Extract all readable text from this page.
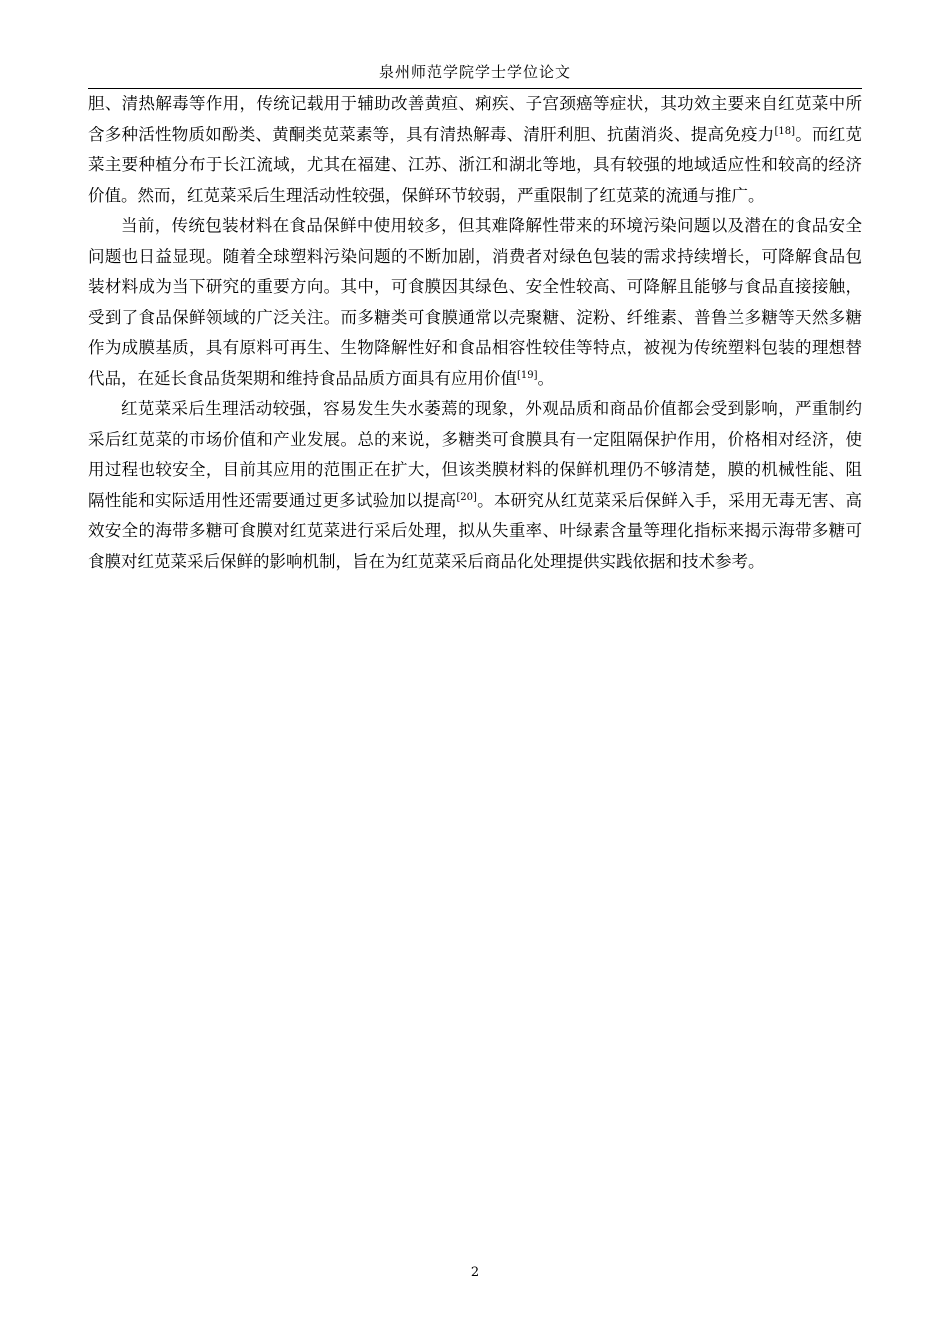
泉州师范学院学士学位论文

胆、清热解毒等作用，传统记载用于辅助改善黄疸、痢疾、子宫颈癌等症状，其功效主要来自红苋菜中所含多种活性物质如酚类、黄酮类苋菜素等，具有清热解毒、清肝利胆、抗菌消炎、提高免疫力[18]。而红苋菜主要种植分布于长江流域，尤其在福建、江苏、浙江和湖北等地，具有较强的地域适应性和较高的经济价值。然而，红苋菜采后生理活动性较强，保鲜环节较弱，严重限制了红苋菜的流通与推广。

当前，传统包装材料在食品保鲜中使用较多，但其难降解性带来的环境污染问题以及潜在的食品安全问题也日益显现。随着全球塑料污染问题的不断加剧，消费者对绿色包装的需求持续增长，可降解食品包装材料成为当下研究的重要方向。其中，可食膜因其绿色、安全性较高、可降解且能够与食品直接接触，受到了食品保鲜领域的广泛关注。而多糖类可食膜通常以壳聚糖、淀粉、纤维素、普鲁兰多糖等天然多糖作为成膜基质，具有原料可再生、生物降解性好和食品相容性较佳等特点，被视为传统塑料包装的理想替代品，在延长食品货架期和维持食品品质方面具有应用价值[19]。

红苋菜采后生理活动较强，容易发生失水萎蔫的现象，外观品质和商品价值都会受到影响，严重制约采后红苋菜的市场价值和产业发展。总的来说，多糖类可食膜具有一定阻隔保护作用，价格相对经济，使用过程也较安全，目前其应用的范围正在扩大，但该类膜材料的保鲜机理仍不够清楚，膜的机械性能、阻隔性能和实际适用性还需要通过更多试验加以提高[20]。本研究从红苋菜采后保鲜入手，采用无毒无害、高效安全的海带多糖可食膜对红苋菜进行采后处理，拟从失重率、叶绿素含量等理化指标来揭示海带多糖可食膜对红苋菜采后保鲜的影响机制，旨在为红苋菜采后商品化处理提供实践依据和技术参考。

2
